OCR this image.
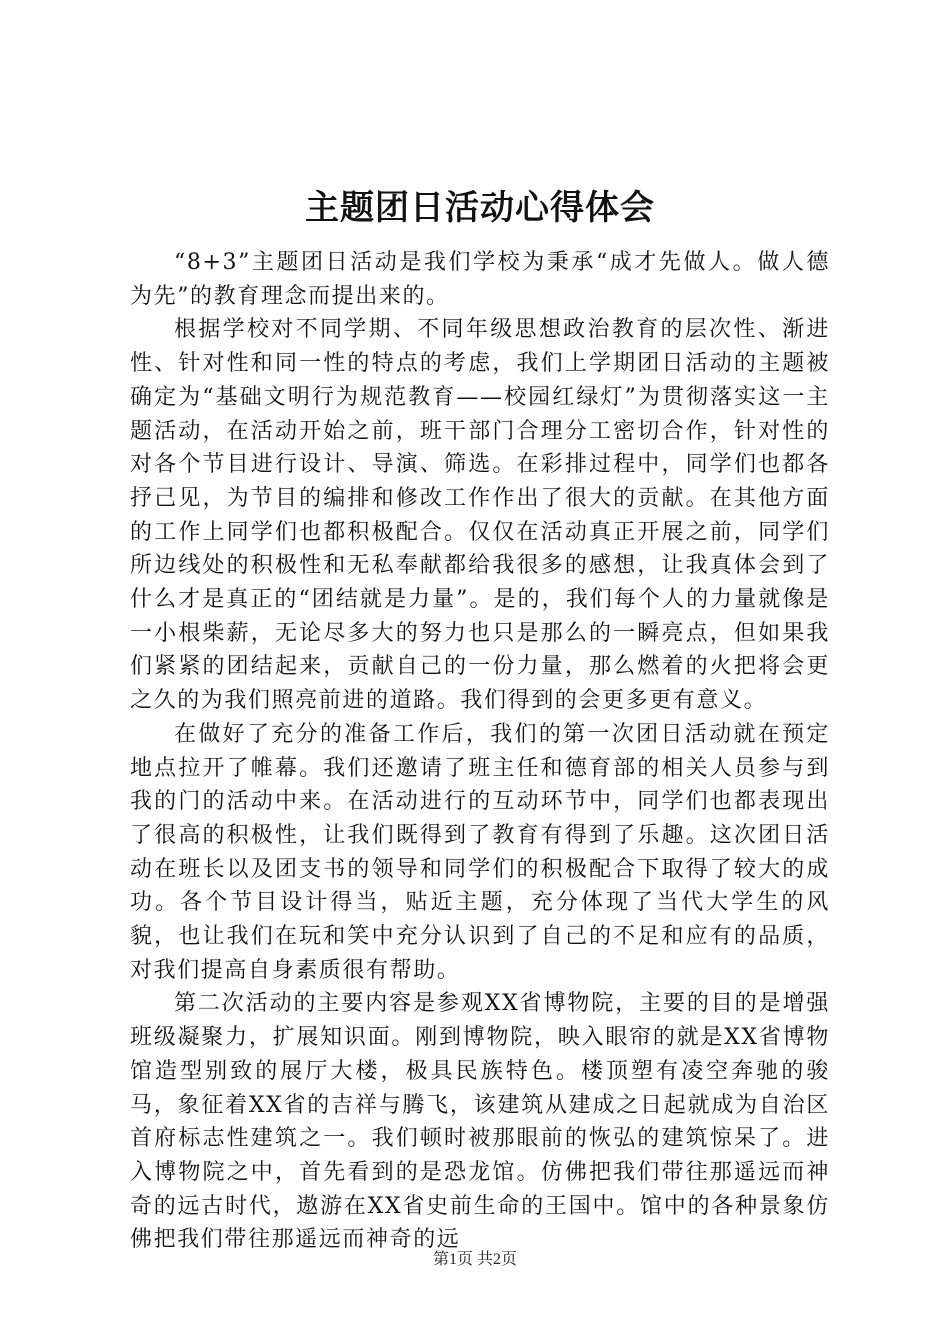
主题团日活动心得体会

“8+3”主题团日活动是我们学校为秉承“成才先做人。做人德为先”的教育理念而提出来的。

根据学校对不同学期、不同年级思想政治教育的层次性、渐进性、针对性和同一性的特点的考虑，我们上学期团日活动的主题被确定为“基础文明行为规范教育——校园红绿灯”为贯彻落实这一主题活动，在活动开始之前，班干部门合理分工密切合作，针对性的对各个节目进行设计、导演、筛选。在彩排过程中，同学们也都各抒己见，为节目的编排和修改工作作出了很大的贡献。在其他方面的工作上同学们也都积极配合。仅仅在活动真正开展之前，同学们所边线处的积极性和无私奉献都给我很多的感想，让我真体会到了什么才是真正的“团结就是力量”。是的，我们每个人的力量就像是一小根柴薪，无论尽多大的努力也只是那么的一瞬亮点，但如果我们紧紧的团结起来，贡献自己的一份力量，那么燃着的火把将会更之久的为我们照亮前进的道路。我们得到的会更多更有意义。

在做好了充分的准备工作后，我们的第一次团日活动就在预定地点拉开了帷幕。我们还邀请了班主任和德育部的相关人员参与到我的门的活动中来。在活动进行的互动环节中，同学们也都表现出了很高的积极性，让我们既得到了教育有得到了乐趣。这次团日活动在班长以及团支书的领导和同学们的积极配合下取得了较大的成功。各个节目设计得当，贴近主题，充分体现了当代大学生的风貌，也让我们在玩和笑中充分认识到了自己的不足和应有的品质，对我们提高自身素质很有帮助。

第二次活动的主要内容是参观XX省博物院，主要的目的是增强班级凝聚力，扩展知识面。刚到博物院，映入眼帘的就是XX省博物馆造型别致的展厅大楼，极具民族特色。楼顶塑有凌空奔驰的骏马，象征着XX省的吉祥与腾飞，该建筑从建成之日起就成为自治区首府标志性建筑之一。我们顿时被那眼前的恢弘的建筑惊呆了。进入博物院之中，首先看到的是恐龙馆。仿佛把我们带往那遥远而神奇的远古时代，遨游在XX省史前生命的王国中。馆中的各种景象仿佛把我们带往那遥远而神奇的远

第1页 共2页
